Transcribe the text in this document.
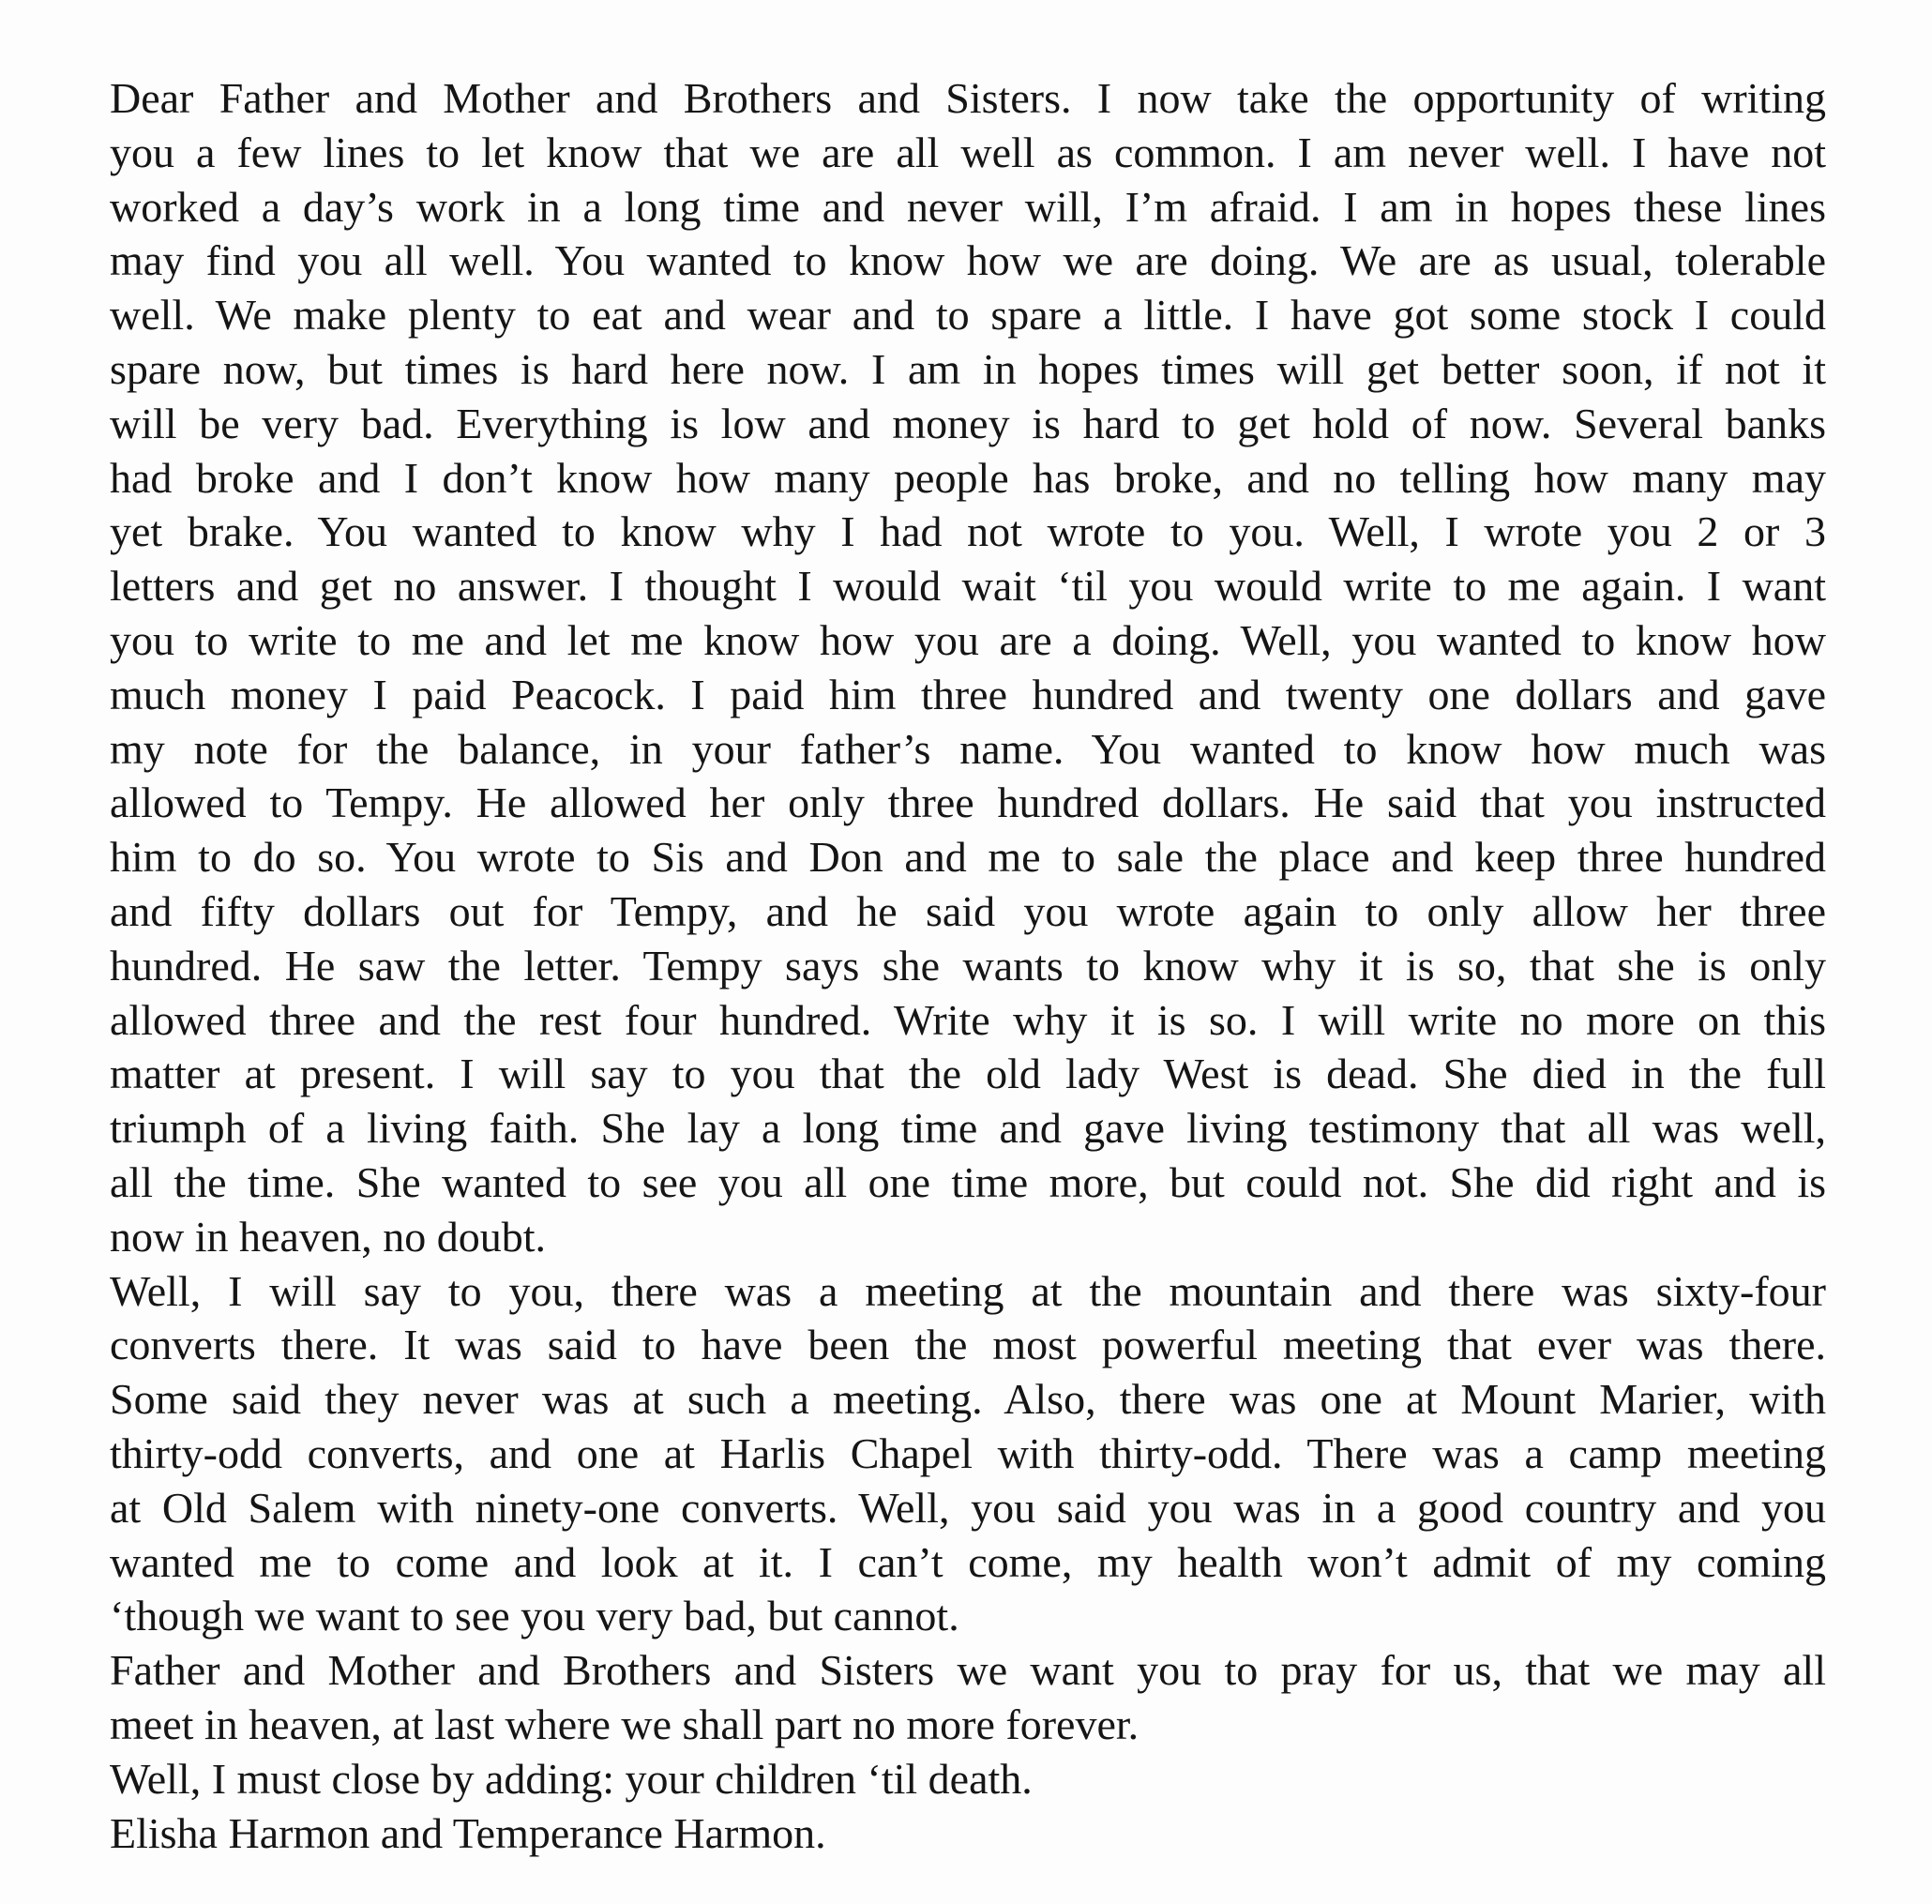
Dear Father and Mother and Brothers and Sisters. I now take the opportunity of writing
you a few lines to let know that we are all well as common. I am never well. I have not
worked a day’s work in a long time and never will, I’m afraid. I am in hopes these lines
may find you all well. You wanted to know how we are doing. We are as usual, tolerable
well. We make plenty to eat and wear and to spare a little. I have got some stock I could
spare now, but times is hard here now. I am in hopes times will get better soon, if not it
will be very bad. Everything is low and money is hard to get hold of now. Several banks
had broke and I don’t know how many people has broke, and no telling how many may
yet brake. You wanted to know why I had not wrote to you. Well, I wrote you 2 or 3
letters and get no answer. I thought I would wait ‘til you would write to me again. I want
you to write to me and let me know how you are a doing. Well, you wanted to know how
much money I paid Peacock. I paid him three hundred and twenty one dollars and gave
my note for the balance, in your father’s name. You wanted to know how much was
allowed to Tempy. He allowed her only three hundred dollars. He said that you instructed
him to do so. You wrote to Sis and Don and me to sale the place and keep three hundred
and fifty dollars out for Tempy, and he said you wrote again to only allow her three
hundred. He saw the letter. Tempy says she wants to know why it is so, that she is only
allowed three and the rest four hundred. Write why it is so. I will write no more on this
matter at present. I will say to you that the old lady West is dead. She died in the full
triumph of a living faith. She lay a long time and gave living testimony that all was well,
all the time. She wanted to see you all one time more, but could not. She did right and is
now in heaven, no doubt.
Well, I will say to you, there was a meeting at the mountain and there was sixty-four
converts there. It was said to have been the most powerful meeting that ever was there.
Some said they never was at such a meeting. Also, there was one at Mount Marier, with
thirty-odd converts, and one at Harlis Chapel with thirty-odd. There was a camp meeting
at Old Salem with ninety-one converts. Well, you said you was in a good country and you
wanted me to come and look at it. I can’t come, my health won’t admit of my coming
‘though we want to see you very bad, but cannot.
Father and Mother and Brothers and Sisters we want you to pray for us, that we may all
meet in heaven, at last where we shall part no more forever.
Well, I must close by adding: your children ‘til death.
Elisha Harmon and Temperance Harmon.
